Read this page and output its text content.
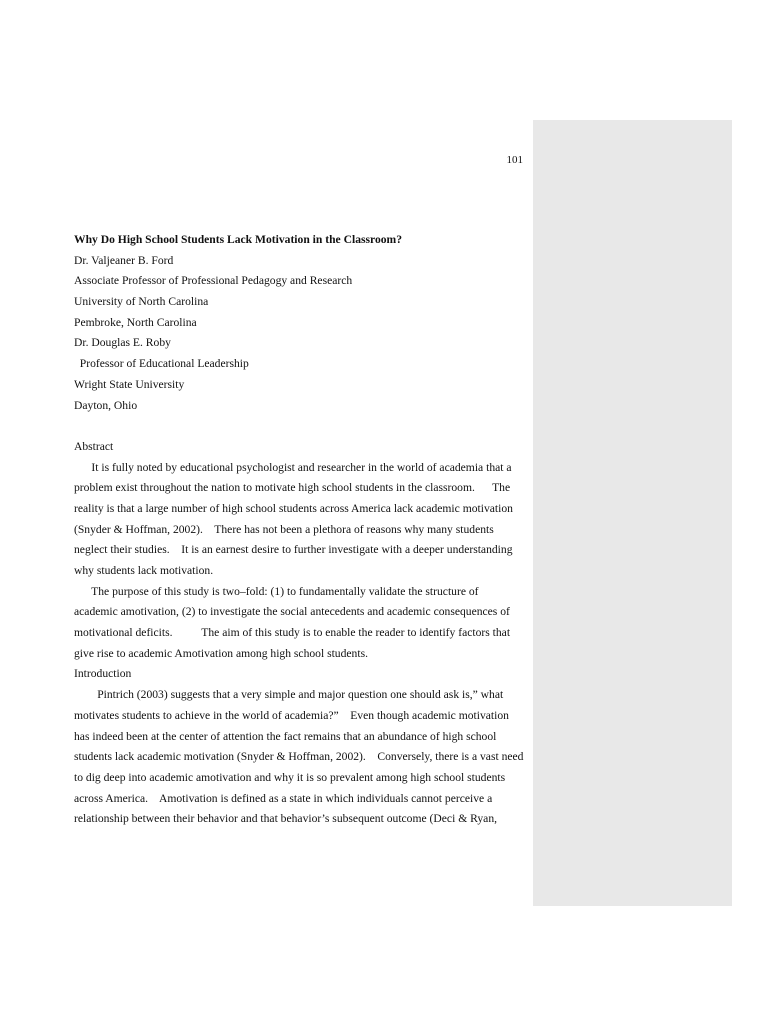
101
Why Do High School Students Lack Motivation in the Classroom?
Dr. Valjeaner B. Ford
Associate Professor of Professional Pedagogy and Research
University of North Carolina
Pembroke, North Carolina
Dr. Douglas E. Roby
Professor of Educational Leadership
Wright State University
Dayton, Ohio
Abstract
It is fully noted by educational psychologist and researcher in the world of academia that a
problem exist throughout the nation to motivate high school students in the classroom.      The
reality is that a large number of high school students across America lack academic motivation
(Snyder & Hoffman, 2002).    There has not been a plethora of reasons why many students
neglect their studies.    It is an earnest desire to further investigate with a deeper understanding
why students lack motivation.
The purpose of this study is two–fold: (1) to fundamentally validate the structure of
academic amotivation, (2) to investigate the social antecedents and academic consequences of
motivational deficits.          The aim of this study is to enable the reader to identify factors that
give rise to academic Amotivation among high school students.
Introduction
Pintrich (2003) suggests that a very simple and major question one should ask is,” what
motivates students to achieve in the world of academia?”    Even though academic motivation
has indeed been at the center of attention the fact remains that an abundance of high school
students lack academic motivation (Snyder & Hoffman, 2002).    Conversely, there is a vast need
to dig deep into academic amotivation and why it is so prevalent among high school students
across America.    Amotivation is defined as a state in which individuals cannot perceive a
relationship between their behavior and that behavior’s subsequent outcome (Deci & Ryan,
